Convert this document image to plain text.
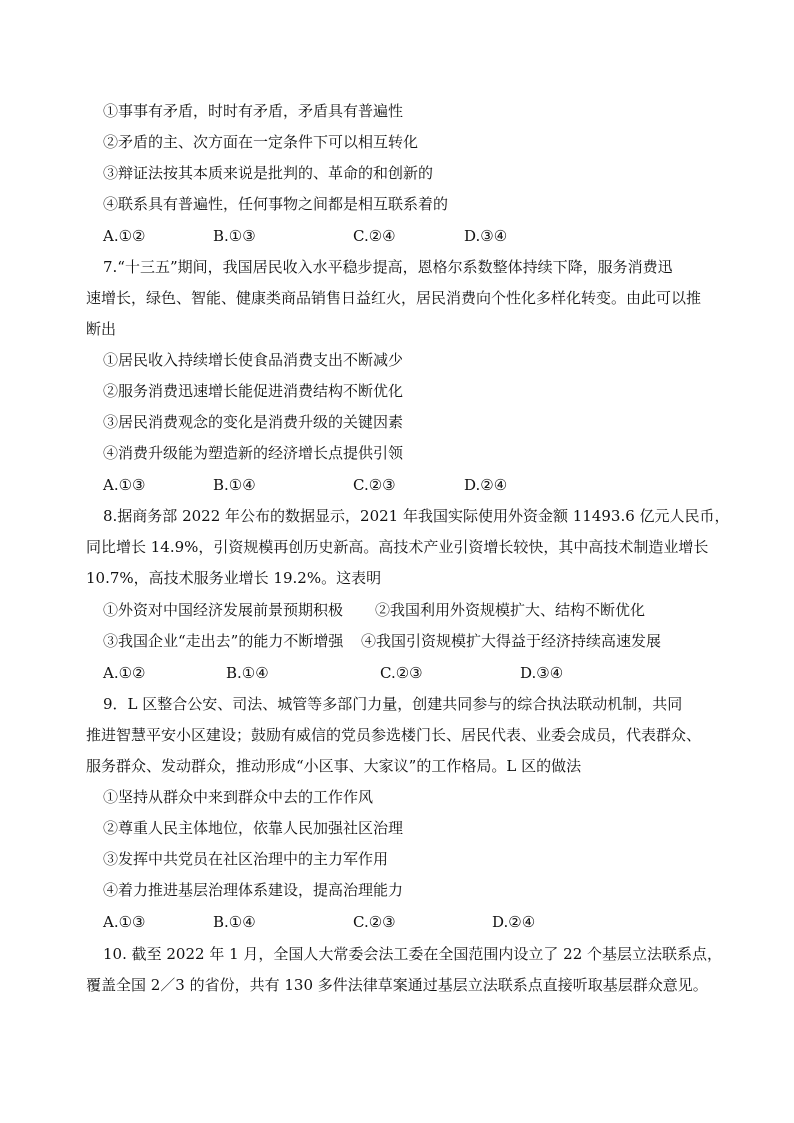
①事事有矛盾，时时有矛盾，矛盾具有普遍性
②矛盾的主、次方面在一定条件下可以相互转化
③辩证法按其本质来说是批判的、革命的和创新的
④联系具有普遍性，任何事物之间都是相互联系着的
A.①②	B.①③	C.②④	D.③④
7.“十三五”期间，我国居民收入水平稳步提高，恩格尔系数整体持续下降，服务消费迅
速增长，绿色、智能、健康类商品销售日益红火，居民消费向个性化多样化转变。由此可以推
断出
①居民收入持续增长使食品消费支出不断减少
②服务消费迅速增长能促进消费结构不断优化
③居民消费观念的变化是消费升级的关键因素
④消费升级能为塑造新的经济增长点提供引领
A.①③	B.①④	C.②③	D.②④
8.据商务部 2022 年公布的数据显示，2021 年我国实际使用外资金额 11493.6 亿元人民币，
同比增长 14.9%，引资规模再创历史新高。高技术产业引资增长较快，其中高技术制造业增长
10.7%，高技术服务业增长 19.2%。这表明
①外资对中国经济发展前景预期积极 ②我国利用外资规模扩大、结构不断优化
③我国企业“走出去”的能力不断增强 ④我国引资规模扩大得益于经济持续高速发展
A.①②	B.①④	C.②③	D.③④
9．L 区整合公安、司法、城管等多部门力量，创建共同参与的综合执法联动机制，共同
推进智慧平安小区建设；鼓励有威信的党员参选楼门长、居民代表、业委会成员，代表群众、
服务群众、发动群众，推动形成“小区事、大家议”的工作格局。L 区的做法
①坚持从群众中来到群众中去的工作作风
②尊重人民主体地位，依靠人民加强社区治理
③发挥中共党员在社区治理中的主力军作用
④着力推进基层治理体系建设，提高治理能力
A.①③	B.①④	C.②③	D.②④
10. 截至 2022 年 1 月，全国人大常委会法工委在全国范围内设立了 22 个基层立法联系点，
覆盖全国 2／3 的省份，共有 130 多件法律草案通过基层立法联系点直接听取基层群众意见。
